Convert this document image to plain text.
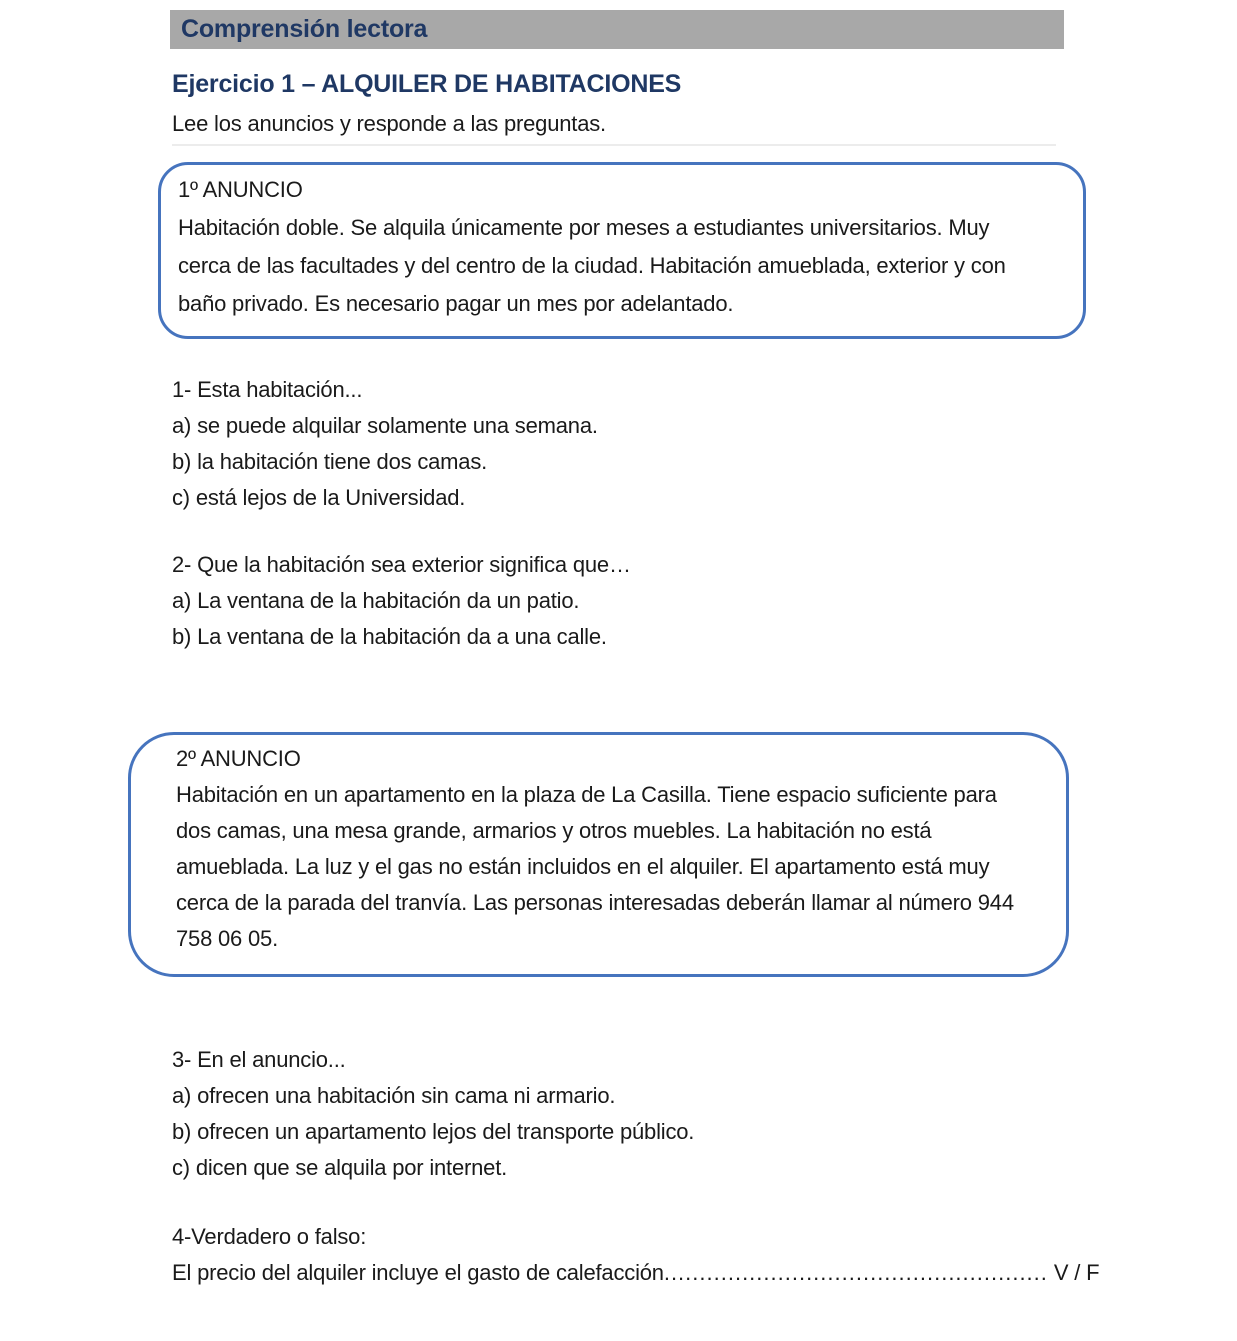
Comprensión lectora
Ejercicio 1 – ALQUILER DE HABITACIONES
Lee los anuncios y responde a las preguntas.
1º ANUNCIO
Habitación doble. Se alquila únicamente por meses a estudiantes universitarios. Muy
cerca de las facultades y del centro de la ciudad. Habitación amueblada, exterior y con
baño privado. Es necesario pagar un mes por adelantado.
1- Esta habitación...
a) se puede alquilar solamente una semana.
b) la habitación tiene dos camas.
c) está lejos de la Universidad.
2- Que la habitación sea exterior significa que…
a) La ventana de la habitación da un patio.
b) La ventana de la habitación da a una calle.
2º ANUNCIO
Habitación en un apartamento en la plaza de La Casilla. Tiene espacio suficiente para
dos camas, una mesa grande, armarios y otros muebles. La habitación no está
amueblada. La luz y el gas no están incluidos en el alquiler. El apartamento está muy
cerca de la parada del tranvía. Las personas interesadas deberán llamar al número 944
758 06 05.
3- En el anuncio...
a) ofrecen una habitación sin cama ni armario.
b) ofrecen un apartamento lejos del transporte público.
c) dicen que se alquila por internet.
4-Verdadero o falso:
El precio del alquiler incluye el gasto de calefacción ...................................................... V / F
